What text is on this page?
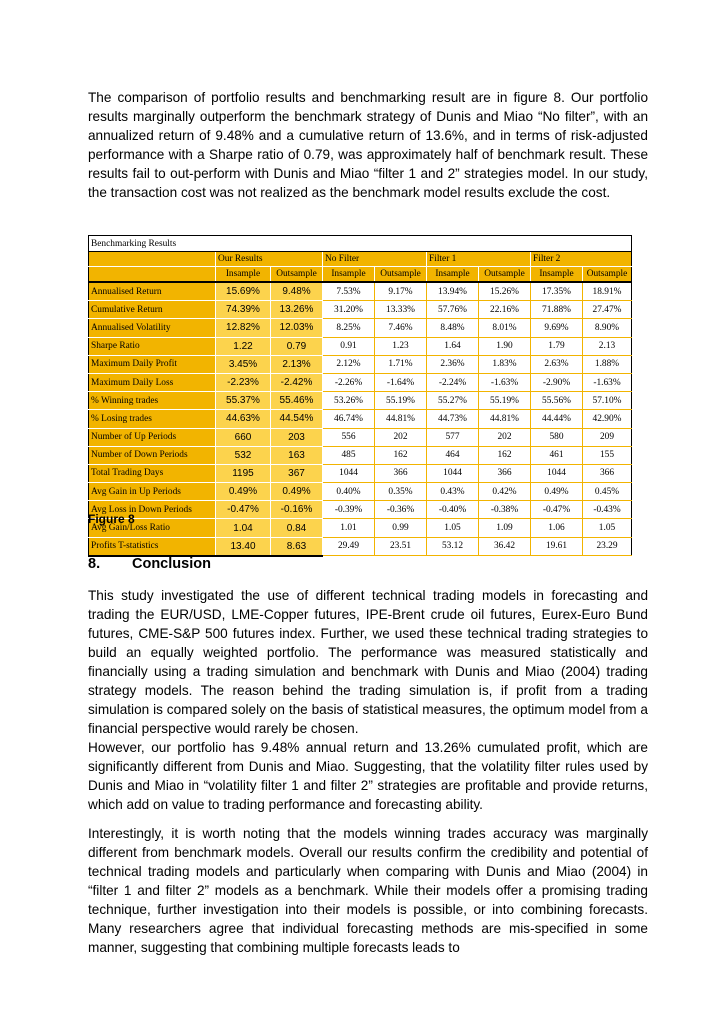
The comparison of portfolio results and benchmarking result are in figure 8. Our portfolio results marginally outperform the benchmark strategy of Dunis and Miao “No filter”, with an annualized return of 9.48% and a cumulative return of 13.6%, and in terms of risk-adjusted performance with a Sharpe ratio of 0.79, was approximately half of benchmark result. These results fail to out-perform with Dunis and Miao “filter 1 and 2” strategies model. In our study, the transaction cost was not realized as the benchmark model results exclude the cost.

Benchmarking Results								
	Our Results		No Filter		Filter 1		Filter 2	
	Insample	Outsample	Insample	Outsample	Insample	Outsample	Insample	Outsample
Annualised Return	15.69%	9.48%	7.53%	9.17%	13.94%	15.26%	17.35%	18.91%
Cumulative Return	74.39%	13.26%	31.20%	13.33%	57.76%	22.16%	71.88%	27.47%
Annualised Volatility	12.82%	12.03%	8.25%	7.46%	8.48%	8.01%	9.69%	8.90%
Sharpe Ratio	1.22	0.79	0.91	1.23	1.64	1.90	1.79	2.13
Maximum Daily Profit	3.45%	2.13%	2.12%	1.71%	2.36%	1.83%	2.63%	1.88%
Maximum Daily Loss	-2.23%	-2.42%	-2.26%	-1.64%	-2.24%	-1.63%	-2.90%	-1.63%
% Winning trades	55.37%	55.46%	53.26%	55.19%	55.27%	55.19%	55.56%	57.10%
% Losing trades	44.63%	44.54%	46.74%	44.81%	44.73%	44.81%	44.44%	42.90%
Number of Up Periods	660	203	556	202	577	202	580	209
Number of Down Periods	532	163	485	162	464	162	461	155
Total Trading Days	1195	367	1044	366	1044	366	1044	366
Avg Gain in Up Periods	0.49%	0.49%	0.40%	0.35%	0.43%	0.42%	0.49%	0.45%
Avg Loss in Down Periods	-0.47%	-0.16%	-0.39%	-0.36%	-0.40%	-0.38%	-0.47%	-0.43%
Avg Gain/Loss Ratio	1.04	0.84	1.01	0.99	1.05	1.09	1.06	1.05
Profits T-statistics	13.40	8.63	29.49	23.51	53.12	36.42	19.61	23.29
Figure 8
8. Conclusion

This study investigated the use of different technical trading models in forecasting and trading the EUR/USD, LME-Copper futures, IPE-Brent crude oil futures, Eurex-Euro Bund futures, CME-S&P 500 futures index. Further, we used these technical trading strategies to build an equally weighted portfolio. The performance was measured statistically and financially using a trading simulation and benchmark with Dunis and Miao (2004) trading strategy models. The reason behind the trading simulation is, if profit from a trading simulation is compared solely on the basis of statistical measures, the optimum model from a financial perspective would rarely be chosen.

However, our portfolio has 9.48% annual return and 13.26% cumulated profit, which are significantly different from Dunis and Miao. Suggesting, that the volatility filter rules used by Dunis and Miao in “volatility filter 1 and filter 2” strategies are profitable and provide returns, which add on value to trading performance and forecasting ability.

Interestingly, it is worth noting that the models winning trades accuracy was marginally different from benchmark models. Overall our results confirm the credibility and potential of technical trading models and particularly when comparing with Dunis and Miao (2004) in “filter 1 and filter 2” models as a benchmark. While their models offer a promising trading technique, further investigation into their models is possible, or into combining forecasts. Many researchers agree that individual forecasting methods are mis-specified in some manner, suggesting that combining multiple forecasts leads to
